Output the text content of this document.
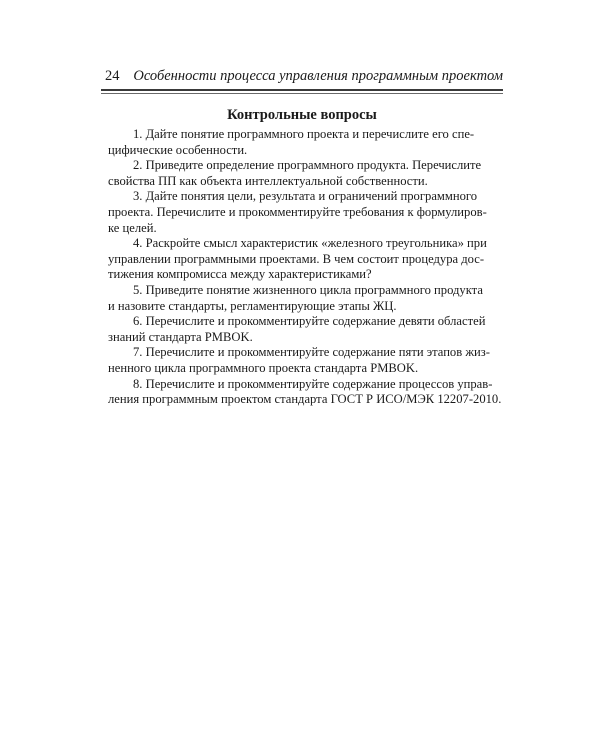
24 Особенности процесса управления программным проектом
Контрольные вопросы
1. Дайте понятие программного проекта и перечислите его спе-
цифические особенности.
2. Приведите определение программного продукта. Перечислите
свойства ПП как объекта интеллектуальной собственности.
3. Дайте понятия цели, результата и ограничений программного
проекта. Перечислите и прокомментируйте требования к формулиров-
ке целей.
4. Раскройте смысл характеристик «железного треугольника» при
управлении программными проектами. В чем состоит процедура дос-
тижения компромисса между характеристиками?
5. Приведите понятие жизненного цикла программного продукта
и назовите стандарты, регламентирующие этапы ЖЦ.
6. Перечислите и прокомментируйте содержание девяти областей
знаний стандарта PMBOK.
7. Перечислите и прокомментируйте содержание пяти этапов жиз-
ненного цикла программного проекта стандарта PMBOK.
8. Перечислите и прокомментируйте содержание процессов управ-
ления программным проектом стандарта ГОСТ Р ИСО/МЭК 12207-2010.
